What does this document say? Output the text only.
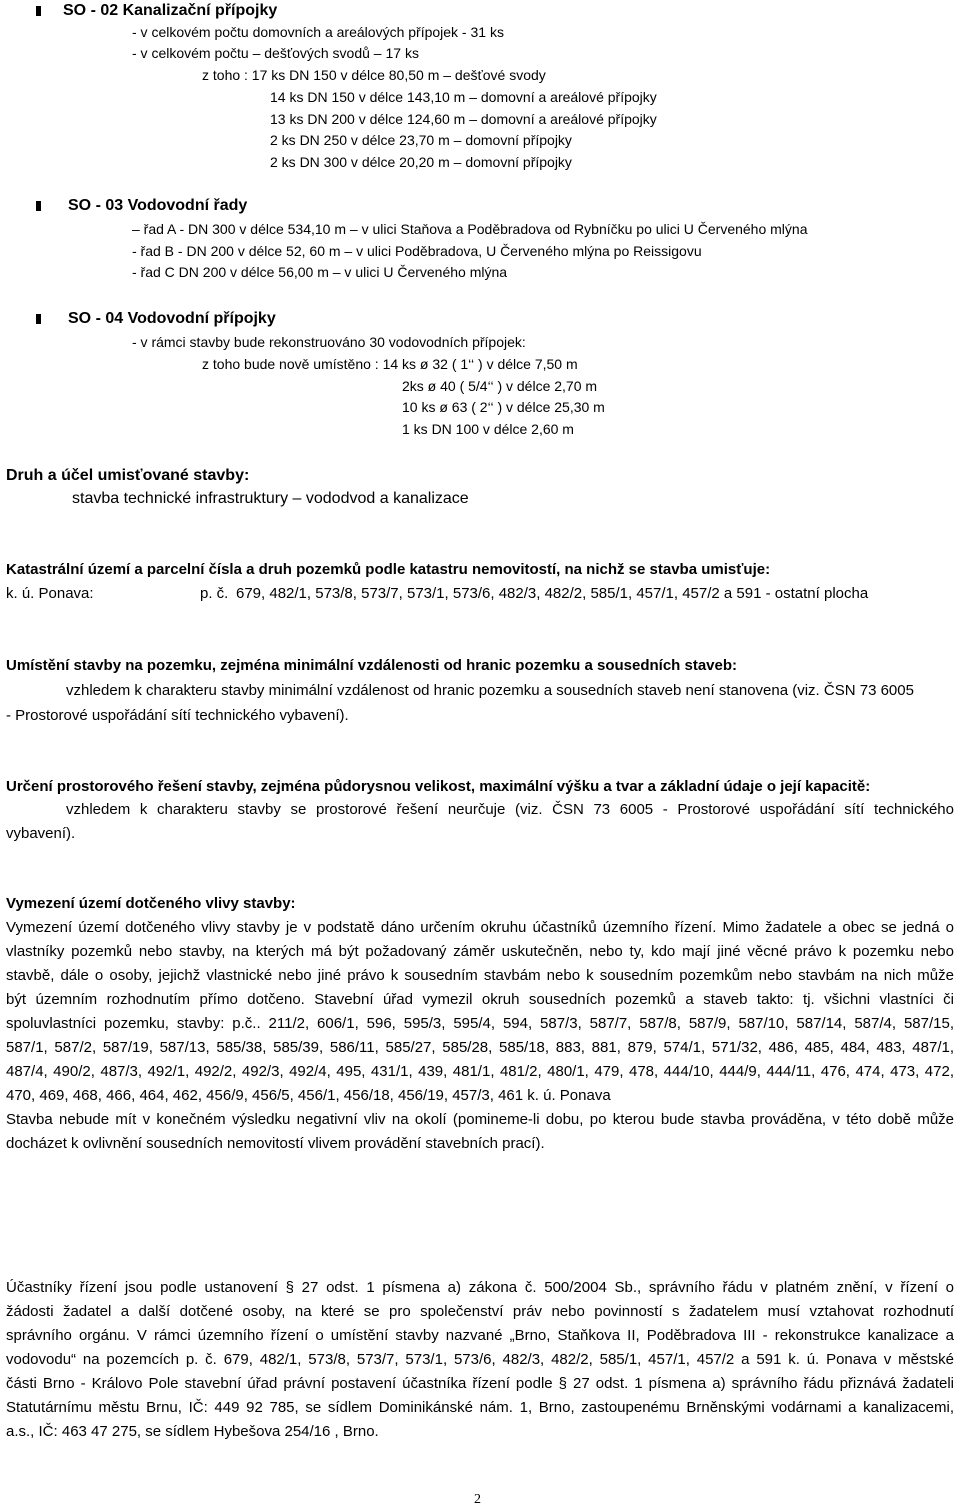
SO - 02 Kanalizační přípojky
- v celkovém počtu domovních a areálových přípojek - 31 ks
- v celkovém počtu – dešťových svodů – 17 ks
z toho : 17 ks DN 150 v délce 80,50 m – dešťové svody
14 ks DN 150 v délce 143,10 m – domovní a areálové přípojky
13 ks DN 200 v délce 124,60 m – domovní a areálové přípojky
2 ks DN 250 v délce 23,70 m – domovní přípojky
2 ks DN 300 v délce 20,20 m – domovní přípojky
SO - 03 Vodovodní řady
– řad A - DN 300 v délce 534,10 m – v ulici Staňova a Poděbradova od Rybníčku po ulici U Červeného mlýna
- řad B - DN 200 v délce 52, 60 m – v ulici Poděbradova, U Červeného mlýna po Reissigovu
- řad C DN 200 v délce 56,00 m – v ulici U Červeného mlýna
SO - 04 Vodovodní přípojky
- v rámci stavby bude rekonstruováno 30 vodovodních přípojek:
z toho bude nově umístěno : 14 ks ø 32 ( 1‘‘ ) v délce 7,50 m
2ks ø 40 ( 5/4‘‘ ) v délce 2,70 m
10 ks ø 63 ( 2‘‘ ) v délce 25,30 m
1 ks DN 100 v délce 2,60 m
Druh a účel umisťované stavby:
stavba technické infrastruktury – vododvod a kanalizace
Katastrální území a parcelní čísla a druh pozemků podle katastru nemovitostí, na nichž se stavba umisťuje:
k. ú. Ponava:	p. č. 679, 482/1, 573/8, 573/7, 573/1, 573/6, 482/3, 482/2, 585/1, 457/1, 457/2 a 591 - ostatní plocha
Umístění stavby na pozemku, zejména minimální vzdálenosti od hranic pozemku a sousedních staveb:
vzhledem k charakteru stavby minimální vzdálenost od hranic pozemku a sousedních staveb není stanovena (viz. ČSN 73 6005
- Prostorové uspořádání sítí technického vybavení).
Určení prostorového řešení stavby, zejména půdorysnou velikost, maximální výšku a tvar a základní údaje o její kapacitě:
vzhledem k charakteru stavby se prostorové řešení neurčuje (viz. ČSN 73 6005 - Prostorové uspořádání sítí technického
vybavení).
Vymezení území dotčeného vlivy stavby:
Vymezení území dotčeného vlivy stavby je v podstatě dáno určením okruhu účastníků územního řízení. Mimo žadatele a obec se jedná o
vlastníky pozemků nebo stavby, na kterých má být požadovaný záměr uskutečněn, nebo ty, kdo mají jiné věcné právo k pozemku nebo
stavbě, dále o osoby, jejichž vlastnické nebo jiné právo k sousedním stavbám nebo k sousedním pozemkům nebo stavbám na nich může
být územním rozhodnutím přímo dotčeno. Stavební úřad vymezil okruh sousedních pozemků a staveb takto: tj. všichni vlastníci či
spoluvlastníci pozemku, stavby: p.č.. 211/2, 606/1, 596, 595/3, 595/4, 594, 587/3, 587/7, 587/8, 587/9, 587/10, 587/14, 587/4, 587/15,
587/1, 587/2, 587/19, 587/13, 585/38, 585/39, 586/11, 585/27, 585/28, 585/18, 883, 881, 879, 574/1, 571/32, 486, 485, 484, 483, 487/1,
487/4, 490/2, 487/3, 492/1, 492/2, 492/3, 492/4, 495, 431/1, 439, 481/1, 481/2, 480/1, 479, 478, 444/10, 444/9, 444/11, 476, 474, 473, 472,
470, 469, 468, 466, 464, 462, 456/9, 456/5, 456/1, 456/18, 456/19, 457/3, 461 k. ú. Ponava
Stavba nebude mít v konečném výsledku negativní vliv na okolí (pomineme-li dobu, po kterou bude stavba prováděna, v této době může
docházet k ovlivnění sousedních nemovitostí vlivem provádění stavebních prací).
Účastníky řízení jsou podle ustanovení § 27 odst. 1 písmena a) zákona č. 500/2004 Sb., správního řádu v platném znění, v řízení o
žádosti žadatel a další dotčené osoby, na které se pro společenství práv nebo povinností s žadatelem musí vztahovat rozhodnutí
správního orgánu. V rámci územního řízení o umístění stavby nazvané „Brno, Staňkova II, Poděbradova III - rekonstrukce kanalizace a
vodovodu“ na pozemcích p. č. 679, 482/1, 573/8, 573/7, 573/1, 573/6, 482/3, 482/2, 585/1, 457/1, 457/2 a 591 k. ú. Ponava v městské
části Brno - Královo Pole stavební úřad právní postavení účastníka řízení podle § 27 odst. 1 písmena a) správního řádu přiznává žadateli
Statutárnímu městu Brnu, IČ: 449 92 785, se sídlem Dominikánské nám. 1, Brno, zastoupenému Brněnskými vodárnami a kanalizacemi,
a.s., IČ: 463 47 275, se sídlem Hybešova 254/16 , Brno.
2
